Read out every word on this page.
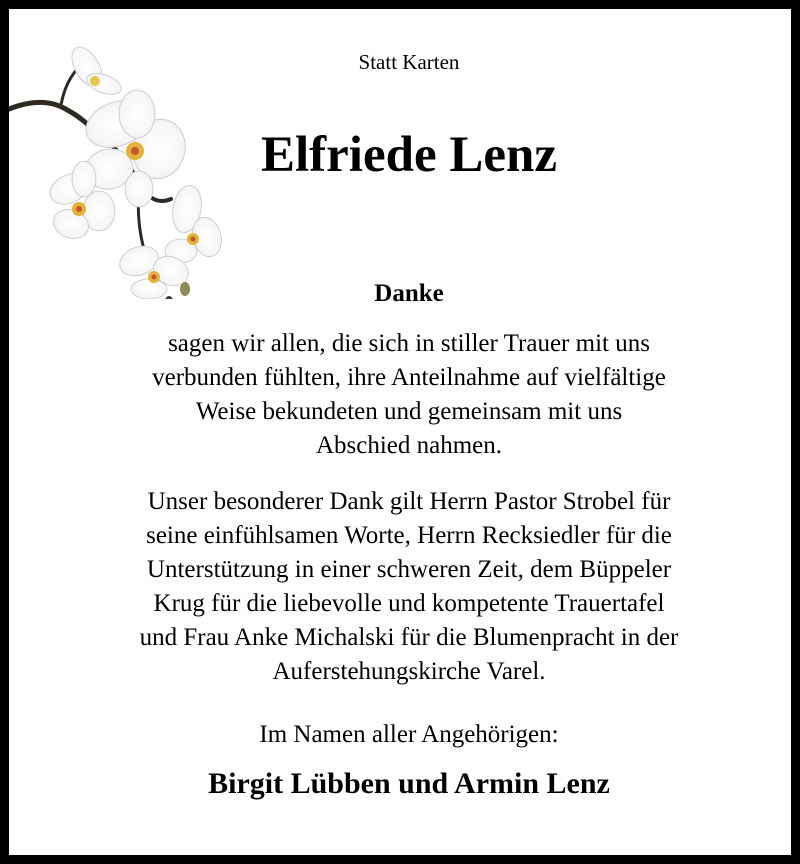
Statt Karten
Elfriede Lenz
Danke
sagen wir allen, die sich in stiller Trauer mit uns
verbunden fühlten, ihre Anteilnahme auf vielfältige
Weise bekundeten und gemeinsam mit uns
Abschied nahmen.
Unser besonderer Dank gilt Herrn Pastor Strobel für
seine einfühlsamen Worte, Herrn Recksiedler für die
Unterstützung in einer schweren Zeit, dem Büppeler
Krug für die liebevolle und kompetente Trauertafel
und Frau Anke Michalski für die Blumenpracht in der
Auferstehungskirche Varel.
Im Namen aller Angehörigen:
Birgit Lübben und Armin Lenz
